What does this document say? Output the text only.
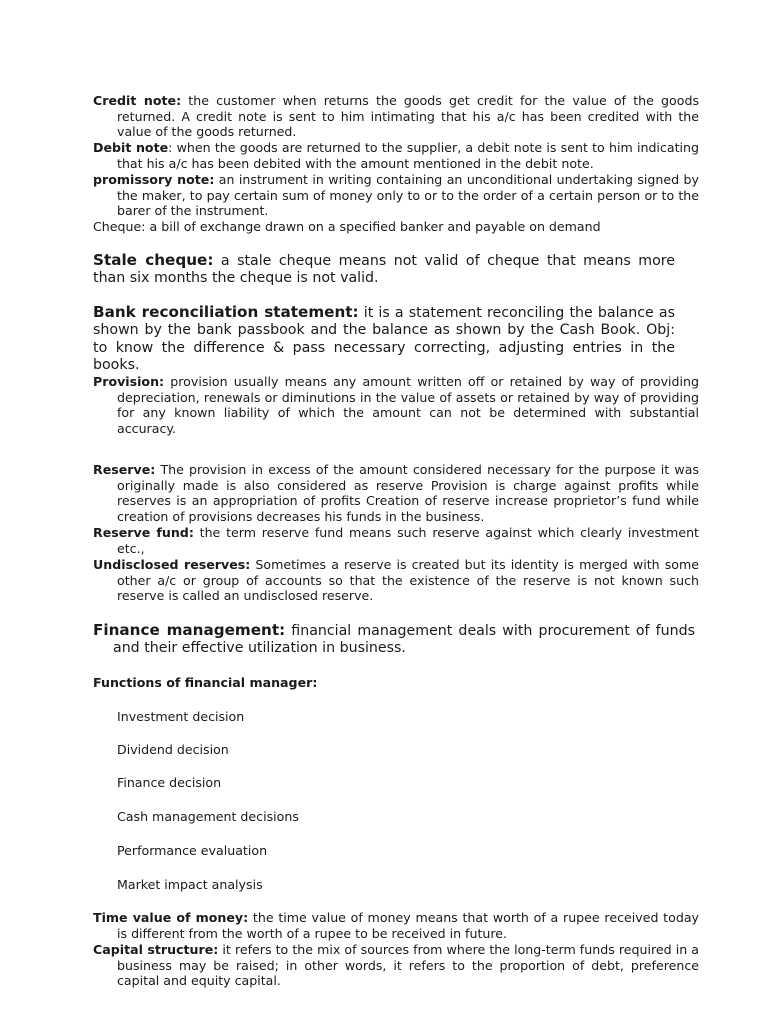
Credit note: the customer when returns the goods get credit for the value of the goods returned. A credit note is sent to him intimating that his a/c has been credited with the value of the goods returned.

Debit note: when the goods are returned to the supplier, a debit note is sent to him indicating that his a/c has been debited with the amount mentioned in the debit note.

promissory note: an instrument in writing containing an unconditional undertaking signed by the maker, to pay certain sum of money only to or to the order of a certain person or to the barer of the instrument.

Cheque: a bill of exchange drawn on a specified banker and payable on demand

Stale cheque: a stale cheque means not valid of cheque that means more than six months the cheque is not valid.

Bank reconciliation statement: it is a statement reconciling the balance as shown by the bank passbook and the balance as shown by the Cash Book. Obj: to know the difference & pass necessary correcting, adjusting entries in the books.

Provision: provision usually means any amount written off or retained by way of providing depreciation, renewals or diminutions in the value of assets or retained by way of providing for any known liability of which the amount can not be determined with substantial accuracy.

Reserve: The provision in excess of the amount considered necessary for the purpose it was originally made is also considered as reserve Provision is charge against profits while reserves is an appropriation of profits Creation of reserve increase proprietor’s fund while creation of provisions decreases his funds in the business.

Reserve fund: the term reserve fund means such reserve against which clearly investment etc.,

Undisclosed reserves: Sometimes a reserve is created but its identity is merged with some other a/c or group of accounts so that the existence of the reserve is not known such reserve is called an undisclosed reserve.

Finance management: financial management deals with procurement of funds and their effective utilization in business.

Functions of financial manager:

Investment decision

Dividend decision

Finance decision

Cash management decisions

Performance evaluation

Market impact analysis

Time value of money: the time value of money means that worth of a rupee received today is different from the worth of a rupee to be received in future.

Capital structure: it refers to the mix of sources from where the long-term funds required in a business may be raised; in other words, it refers to the proportion of debt, preference capital and equity capital.
